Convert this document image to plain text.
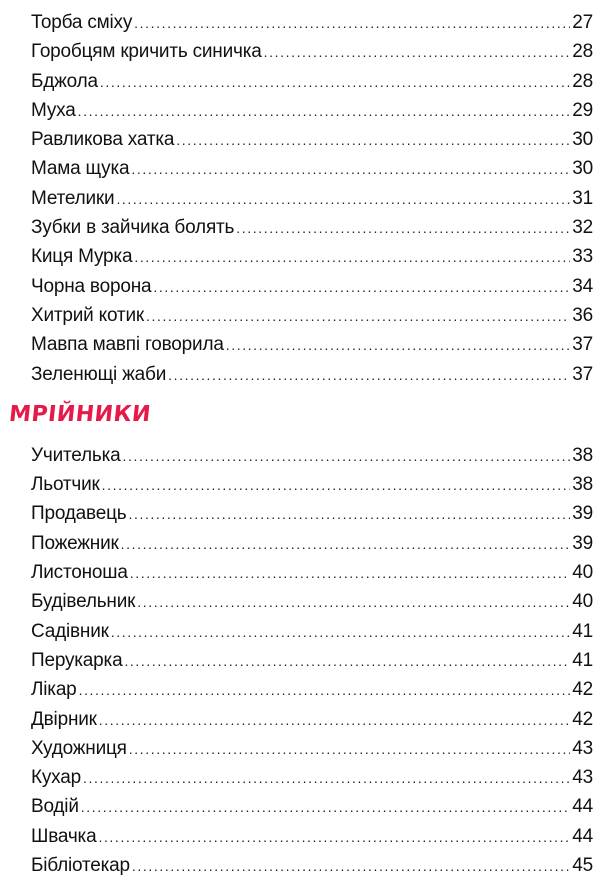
Торба сміху .....	27
Горобцям кричить синичка .....	28
Бджола .....	28
Муха .....	29
Равликова хатка .....	30
Мама щука .....	30
Метелики .....	31
Зубки в зайчика болять .....	32
Киця Мурка .....	33
Чорна ворона .....	34
Хитрий котик .....	36
Мавпа мавпі говорила .....	37
Зеленющі жаби .....	37
МРІЙНИКИ
Учителька .....	38
Льотчик .....	38
Продавець .....	39
Пожежник .....	39
Листоноша .....	40
Будівельник .....	40
Садівник .....	41
Перукарка .....	41
Лікар .....	42
Двірник .....	42
Художниця .....	43
Кухар .....	43
Водій .....	44
Швачка .....	44
Бібліотекар .....	45
